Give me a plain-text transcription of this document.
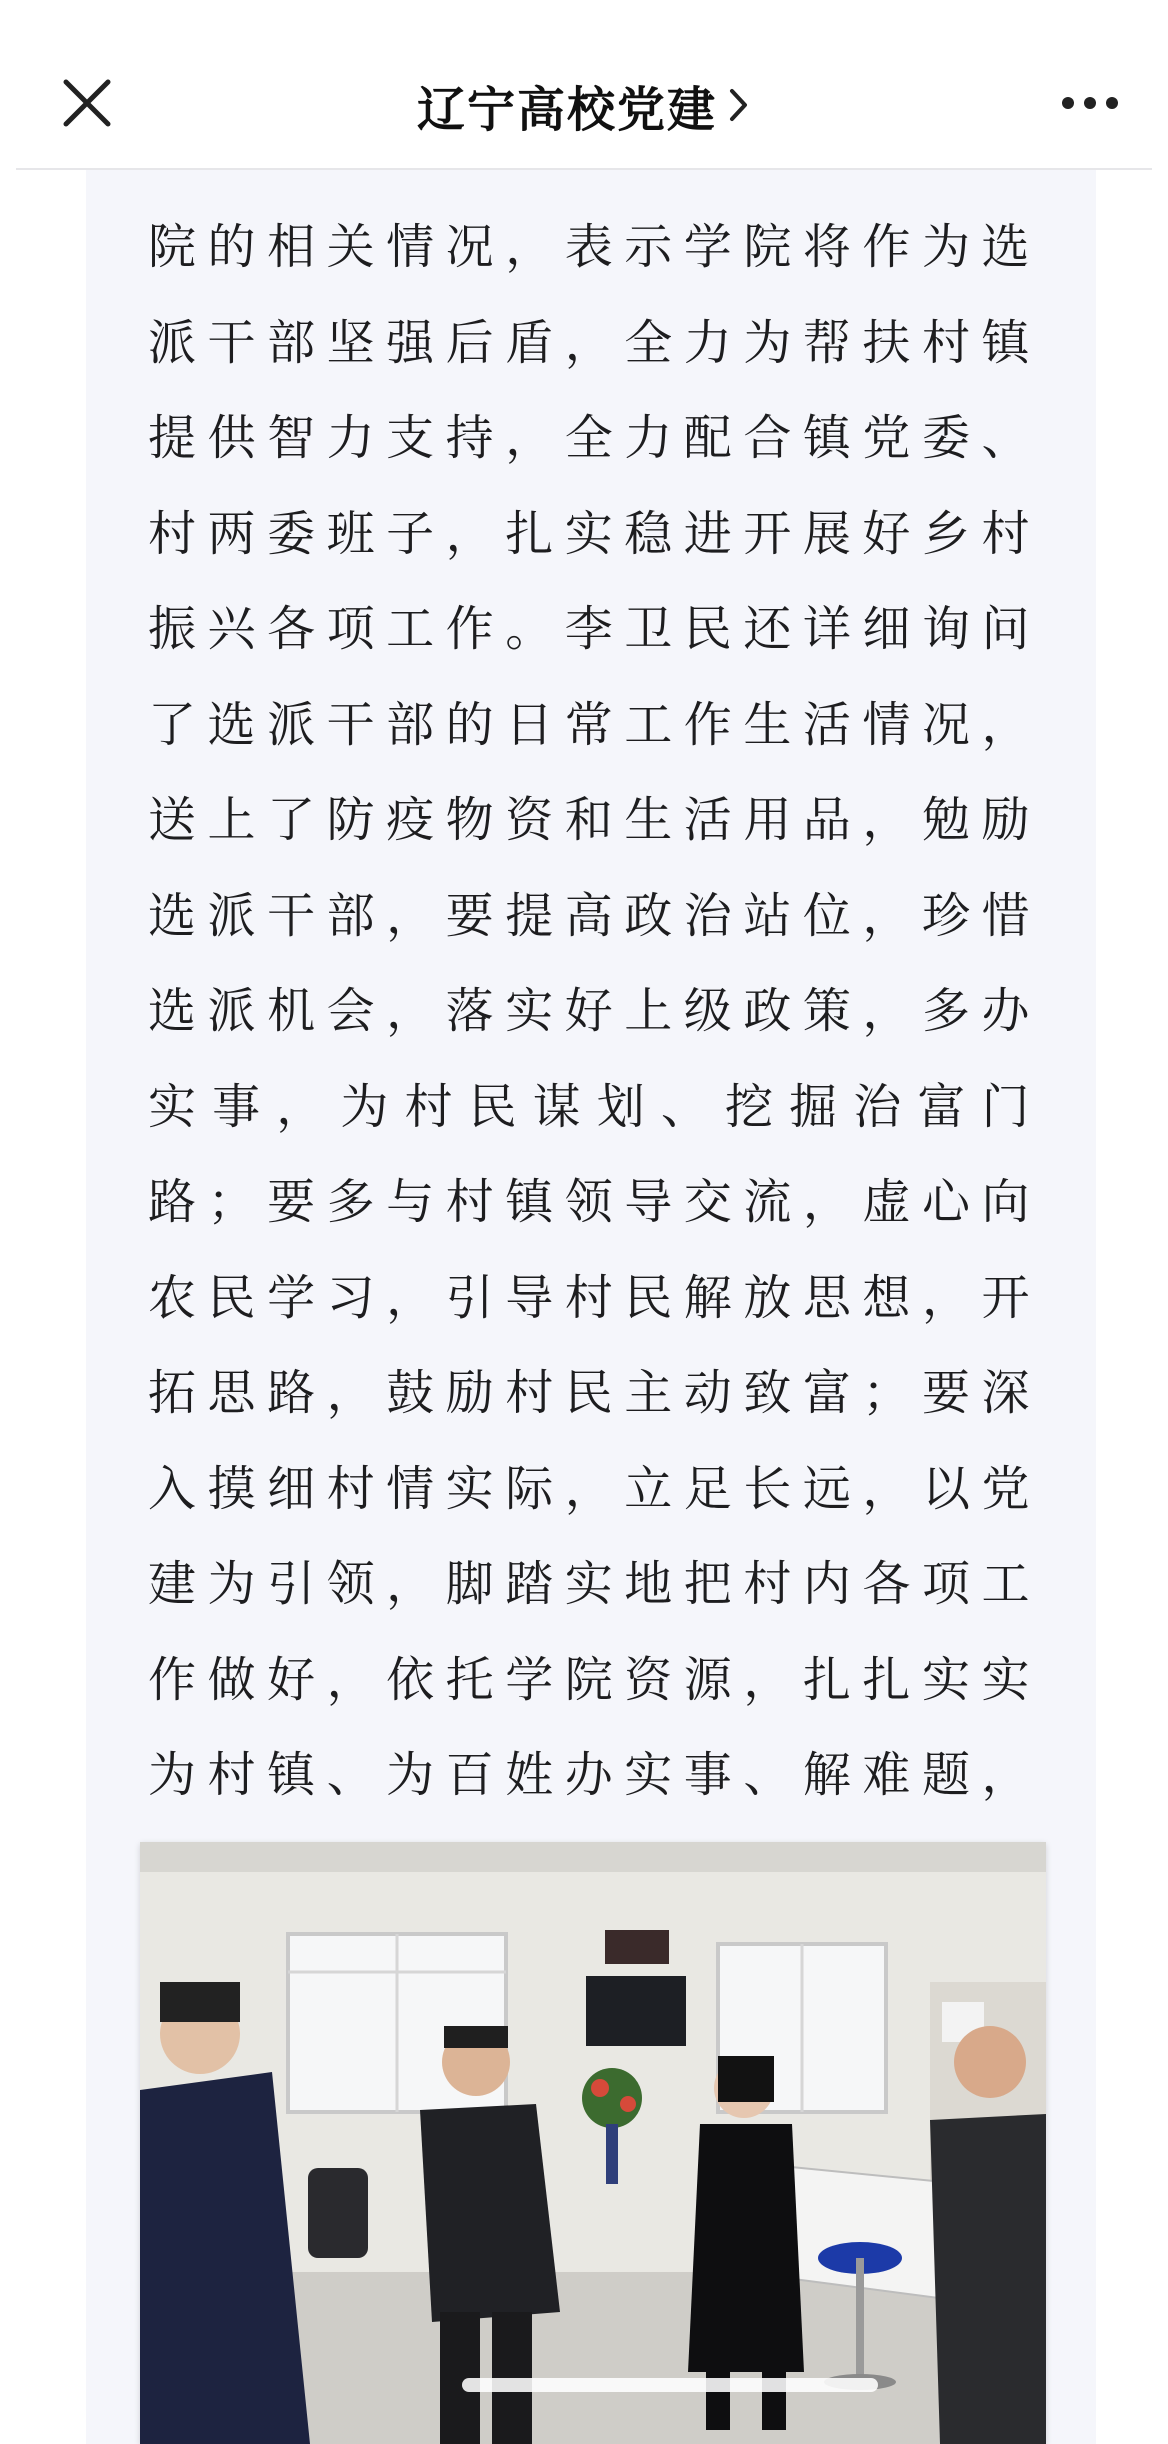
辽宁高校党建

院的相关情况，表示学院将作为选派干部坚强后盾，全力为帮扶村镇提供智力支持，全力配合镇党委、村两委班子，扎实稳进开展好乡村振兴各项工作。李卫民还详细询问了选派干部的日常工作生活情况，送上了防疫物资和生活用品，勉励选派干部，要提高政治站位，珍惜选派机会，落实好上级政策，多办实事，为村民谋划、挖掘治富门路；要多与村镇领导交流，虚心向农民学习，引导村民解放思想，开拓思路，鼓励村民主动致富；要深入摸细村情实际，立足长远，以党建为引领，脚踏实地把村内各项工作做好，依托学院资源，扎扎实实为村镇、为百姓办实事、解难题，
